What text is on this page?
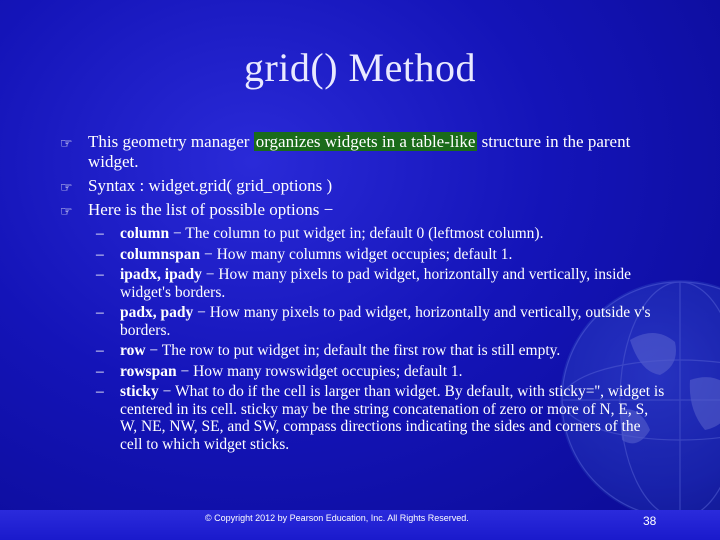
grid() Method
☞ This geometry manager organizes widgets in a table-like structure in the parent widget.
☞ Syntax : widget.grid( grid_options )
☞ Here is the list of possible options −
– column − The column to put widget in; default 0 (leftmost column).
– columnspan − How many columns widget occupies; default 1.
– ipadx, ipady − How many pixels to pad widget, horizontally and vertically, inside widget's borders.
– padx, pady − How many pixels to pad widget, horizontally and vertically, outside v's borders.
– row − The row to put widget in; default the first row that is still empty.
– rowspan − How many rowswidget occupies; default 1.
– sticky − What to do if the cell is larger than widget. By default, with sticky='', widget is centered in its cell. sticky may be the string concatenation of zero or more of N, E, S, W, NE, NW, SE, and SW, compass directions indicating the sides and corners of the cell to which widget sticks.
© Copyright 2012 by Pearson Education, Inc. All Rights Reserved.	38
